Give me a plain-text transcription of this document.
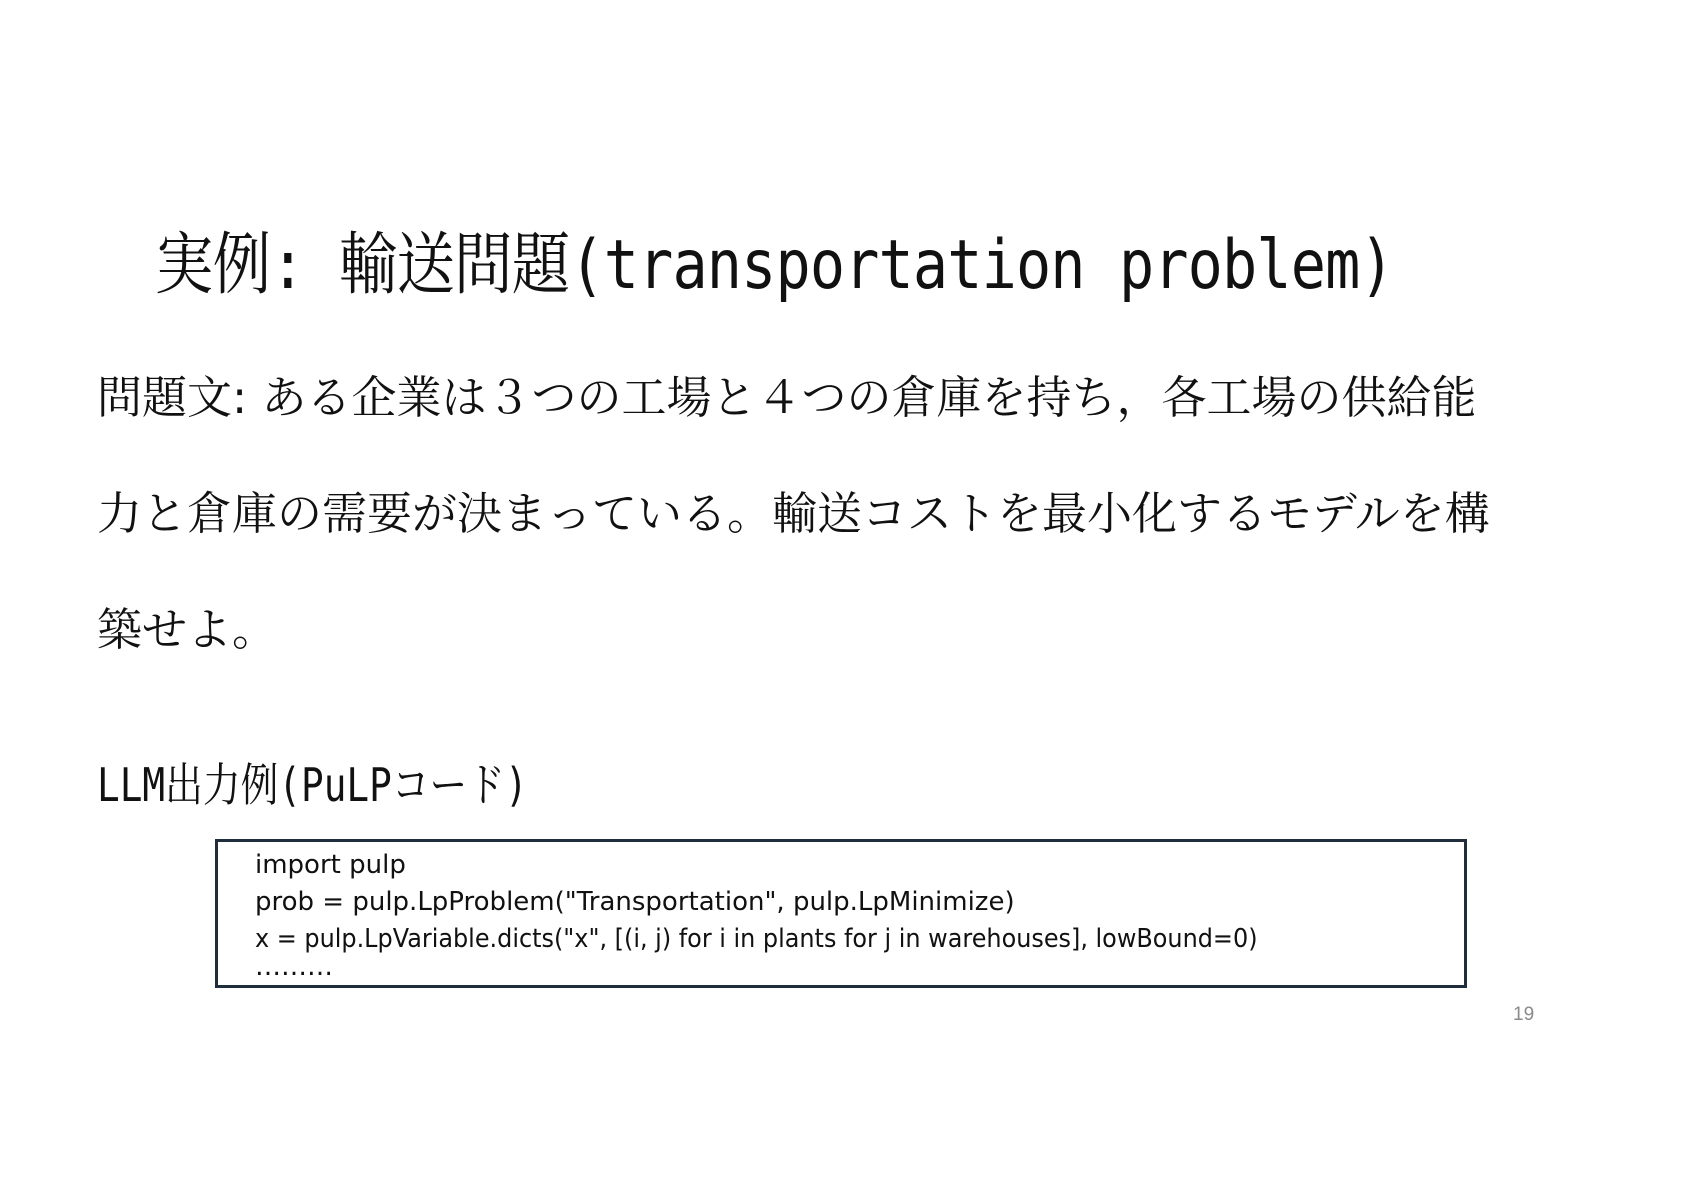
実例: 輸送問題(transportation problem)
問題文: ある企業は３つの工場と４つの倉庫を持ち，各工場の供給能
力と倉庫の需要が決まっている。輸送コストを最小化するモデルを構
築せよ。
LLM出力例(PuLPコード)
import pulp
prob = pulp.LpProblem("Transportation", pulp.LpMinimize)
x = pulp.LpVariable.dicts("x", [(i, j) for i in plants for j in warehouses], lowBound=0)
………
19
